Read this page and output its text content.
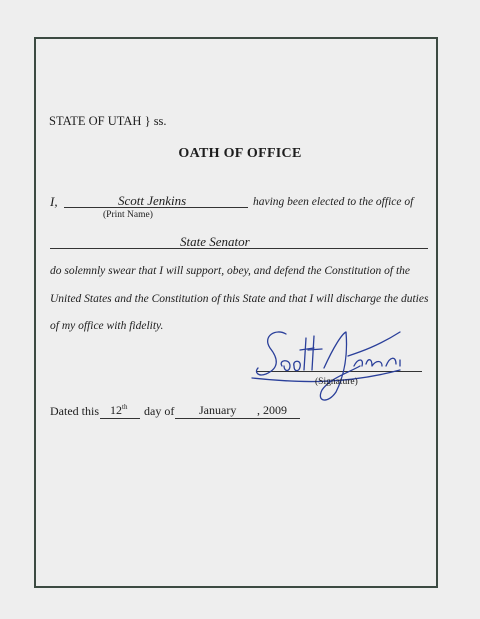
STATE OF UTAH } ss.
OATH OF OFFICE
I,	Scott Jenkins
(Print Name)
having been elected to the office of
State Senator
do solemnly swear that I will support, obey, and defend the Constitution of the
United States and the Constitution of this State and that I will discharge the duties
of my office with fidelity.
(Signature)
Dated this 12th day of January , 2009
